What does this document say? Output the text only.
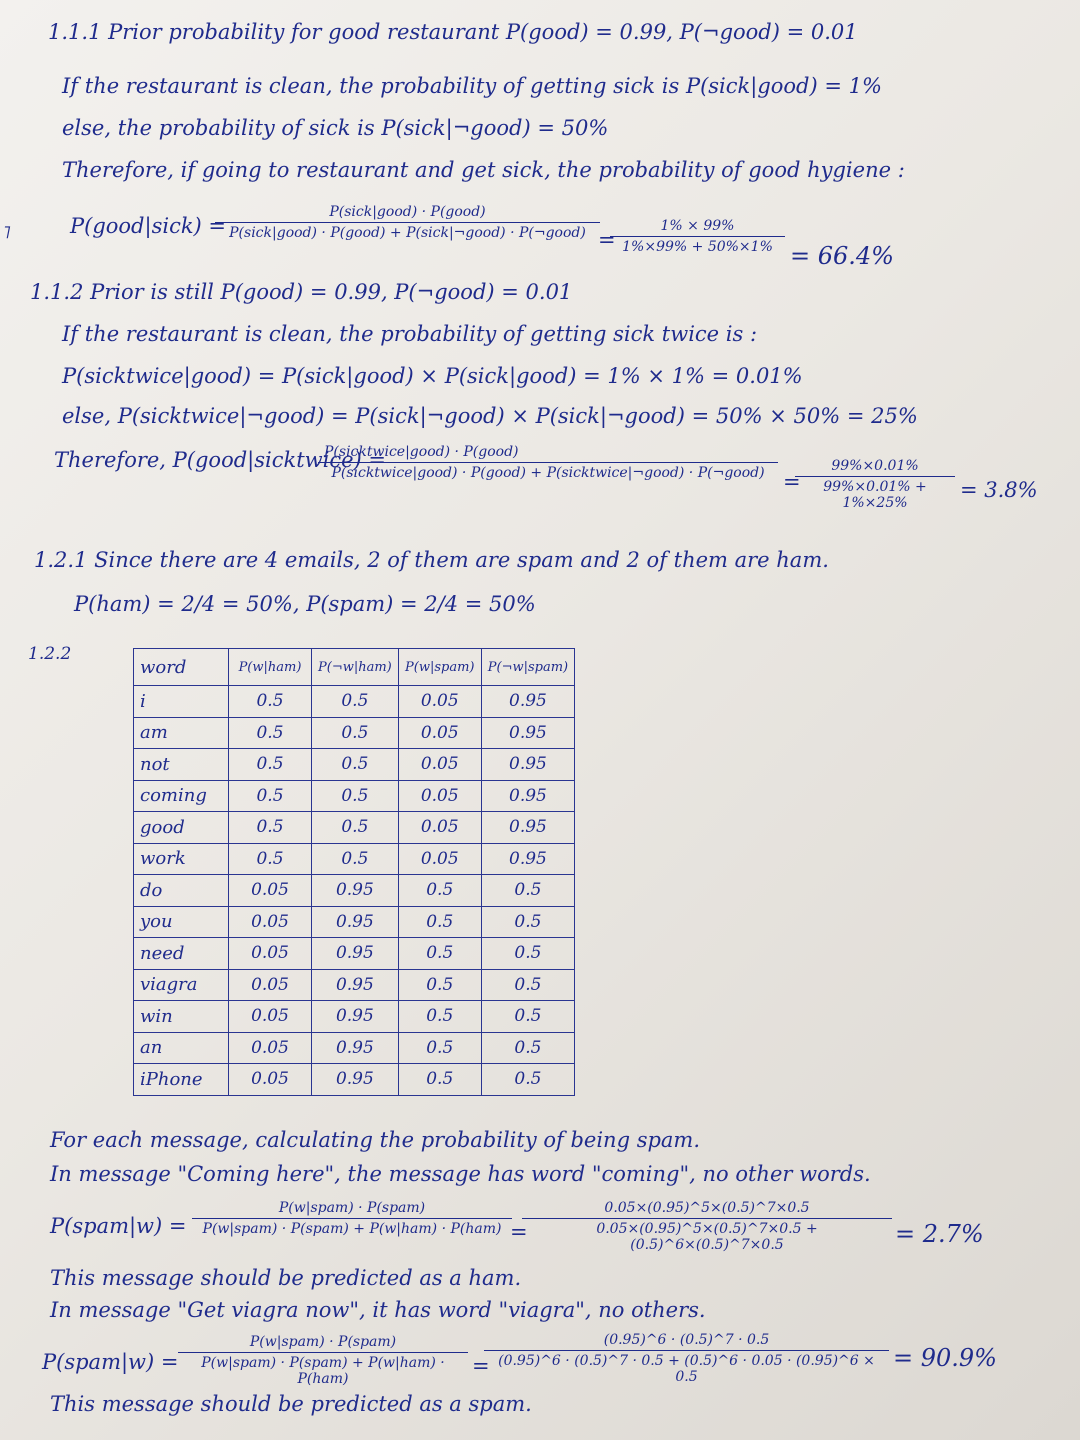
˥
1.1.1 Prior probability for good restaurant P(good) = 0.99, P(¬good) = 0.01
If the restaurant is clean, the probability of getting sick is P(sick|good) = 1%
else, the probability of sick is P(sick|¬good) = 50%
Therefore, if going to restaurant and get sick, the probability of good hygiene :
P(good|sick) =
P(sick|good) · P(good)
P(sick|good) · P(good) + P(sick|¬good) · P(¬good) =
1% × 99%
1%×99% + 50%×1% = 66.4%
1.1.2 Prior is still P(good) = 0.99, P(¬good) = 0.01
If the restaurant is clean, the probability of getting sick twice is :
P(sicktwice|good) = P(sick|good) × P(sick|good) = 1% × 1% = 0.01%
else, P(sicktwice|¬good) = P(sick|¬good) × P(sick|¬good) = 50% × 50% = 25%
Therefore, P(good|sicktwice) =
P(sicktwice|good) · P(good)
P(sicktwice|good) · P(good) + P(sicktwice|¬good) · P(¬good) =
99%×0.01%
99%×0.01% + 1%×25%
= 3.8%
1.2.1 Since there are 4 emails, 2 of them are spam and 2 of them are ham.
P(ham) = 2/4 = 50%, P(spam) = 2/4 = 50%
1.2.2
word	P(w|ham)	P(¬w|ham)	P(w|spam)	P(¬w|spam)
i	0.5	0.5	0.05	0.95
am	0.5	0.5	0.05	0.95
not	0.5	0.5	0.05	0.95
coming	0.5	0.5	0.05	0.95
good	0.5	0.5	0.05	0.95
work	0.5	0.5	0.05	0.95
do	0.05	0.95	0.5	0.5
you	0.05	0.95	0.5	0.5
need	0.05	0.95	0.5	0.5
viagra	0.05	0.95	0.5	0.5
win	0.05	0.95	0.5	0.5
an	0.05	0.95	0.5	0.5
iPhone	0.05	0.95	0.5	0.5
For each message, calculating the probability of being spam.
In message "Coming here", the message has word "coming", no other words.
P(spam|w) =
P(w|spam) · P(spam)
P(w|spam) · P(spam) + P(w|ham) · P(ham) =
0.05×(0.95)^5×(0.5)^7×0.5
0.05×(0.95)^5×(0.5)^7×0.5 + (0.5)^6×(0.5)^7×0.5	= 2.7%
This message should be predicted as a ham.
In message "Get viagra now", it has word "viagra", no others.
P(spam|w) =
P(w|spam) · P(spam)
P(w|spam) · P(spam) + P(w|ham) · P(ham)
=
(0.95)^6 · (0.5)^7 · 0.5
(0.95)^6 · (0.5)^7 · 0.5 + (0.5)^6 · 0.05 · (0.95)^6 × 0.5
= 90.9%
This message should be predicted as a spam.
